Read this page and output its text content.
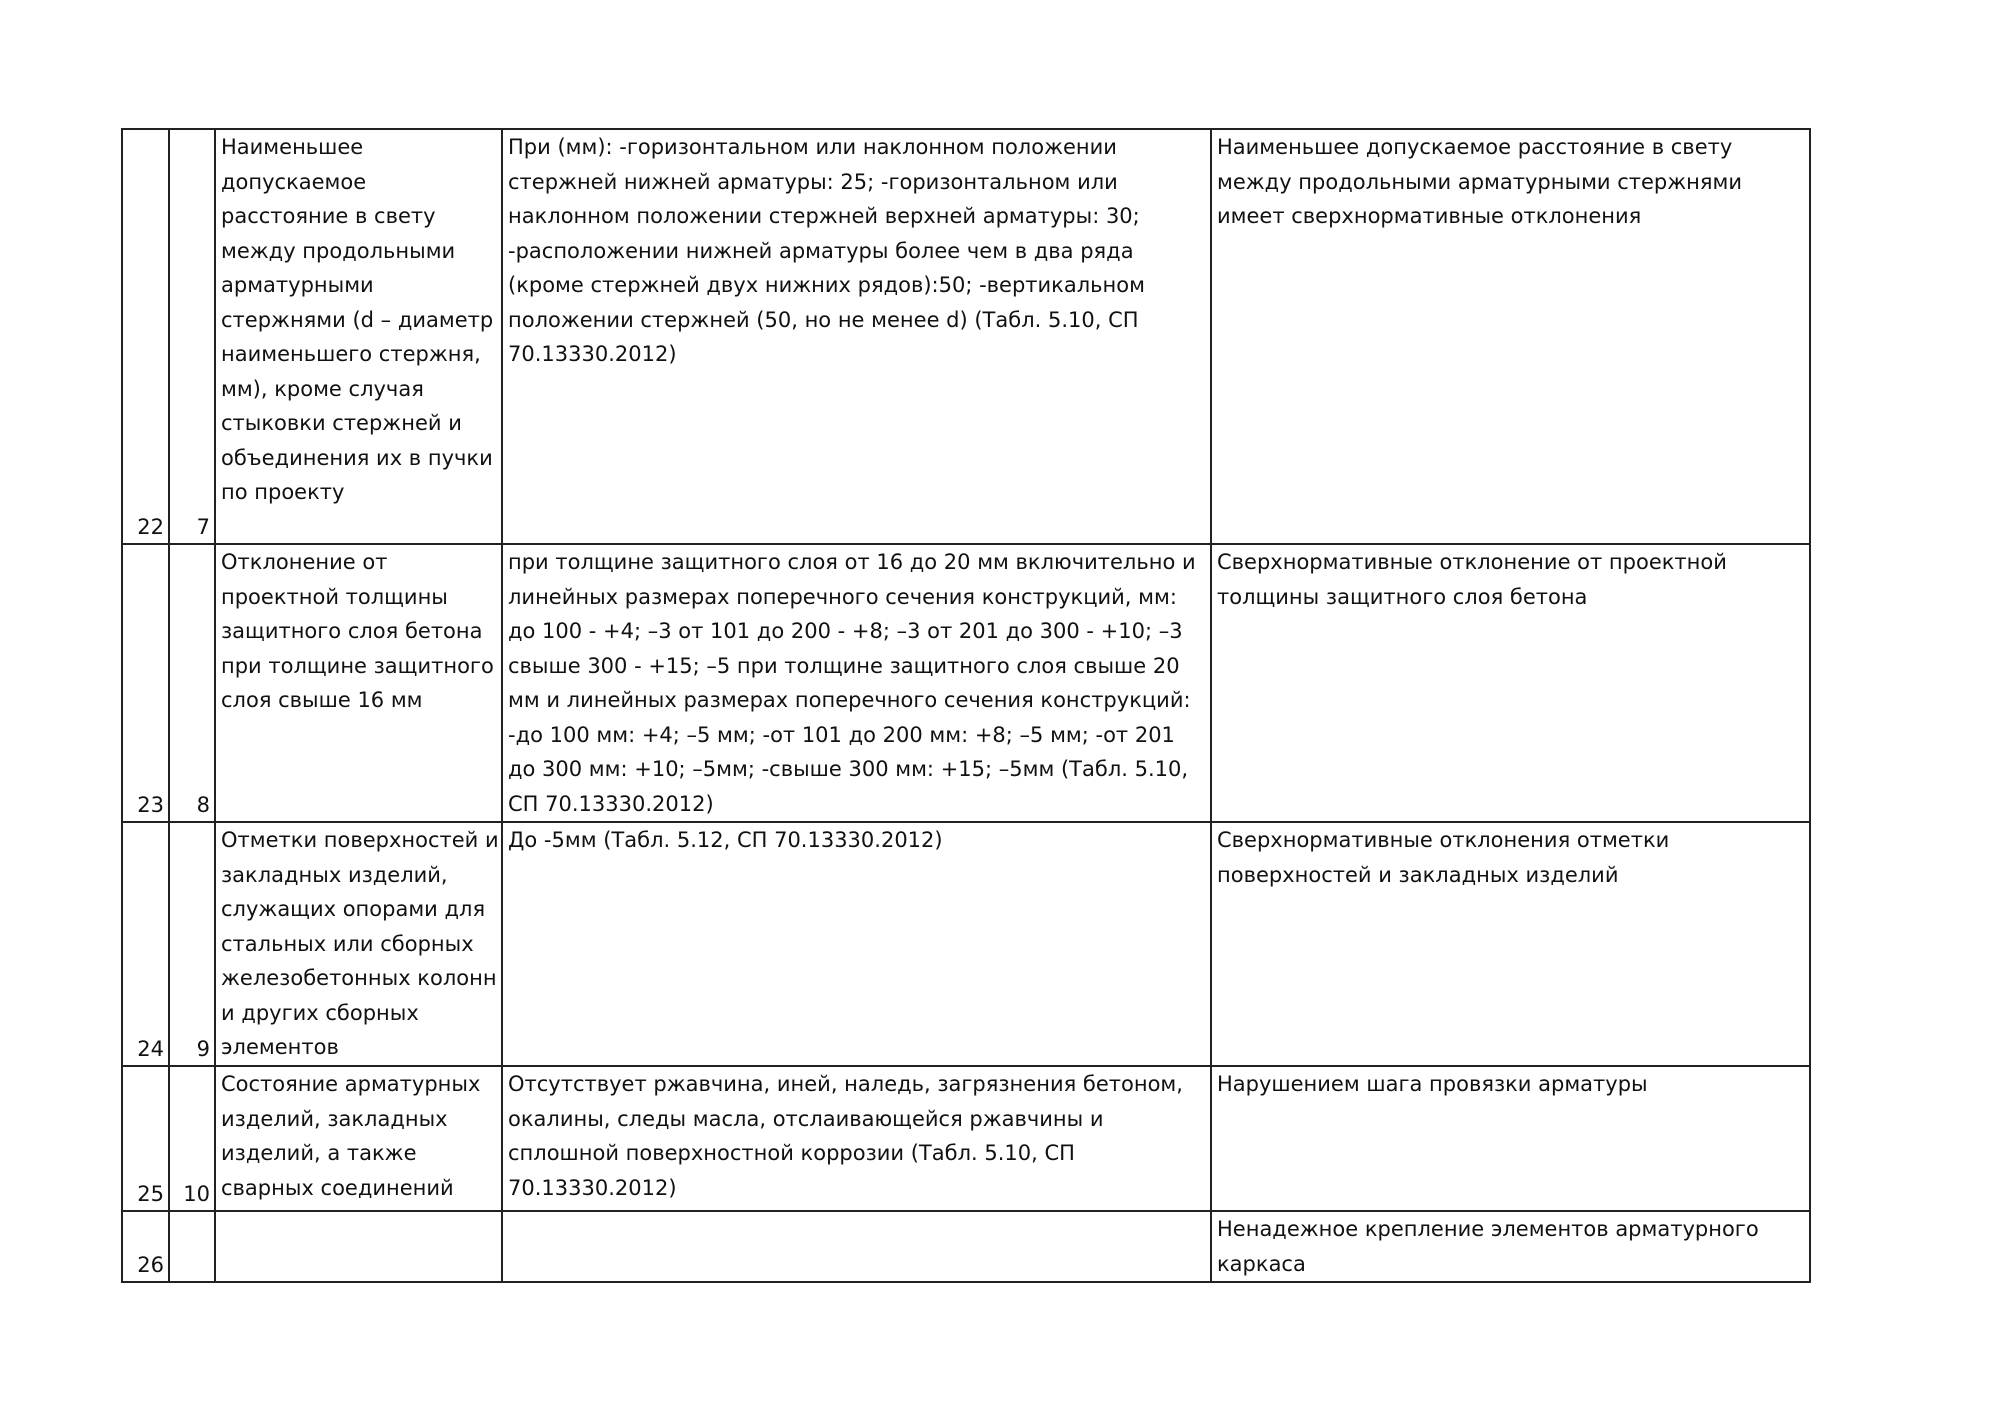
22	7	Наименьшее допускаемое расстояние в свету между продольными арматурными стержнями (d – диаметр наименьшего стержня, мм), кроме случая стыковки стержней и объединения их в пучки по проекту	При (мм): -горизонтальном или наклонном положении стержней нижней арматуры: 25; -горизонтальном или наклонном положении стержней верхней арматуры: 30; -расположении нижней арматуры более чем в два ряда (кроме стержней двух нижних рядов):50; -вертикальном положении стержней (50, но не менее d) (Табл. 5.10, СП 70.13330.2012)	Наименьшее допускаемое расстояние в свету между продольными арматурными стержнями имеет сверхнормативные отклонения
23	8	Отклонение от проектной толщины защитного слоя бетона при толщине защитного слоя свыше 16 мм	при толщине защитного слоя от 16 до 20 мм включительно и линейных размерах поперечного сечения конструкций, мм: до 100 - +4; –3 от 101 до 200 - +8; –3 от 201 до 300 - +10; –3 свыше 300 - +15; –5 при толщине защитного слоя свыше 20 мм и линейных размерах поперечного сечения конструкций: -до 100 мм: +4; –5 мм; -от 101 до 200 мм: +8; –5 мм; -от 201 до 300 мм: +10; –5мм; -свыше 300 мм: +15; –5мм (Табл. 5.10, СП 70.13330.2012)	Сверхнормативные отклонение от проектной толщины защитного слоя бетона
24	9	Отметки поверхностей и закладных изделий, служащих опорами для стальных или сборных железобетонных колонн и других сборных элементов	До -5мм (Табл. 5.12, СП 70.13330.2012)	Сверхнормативные отклонения отметки поверхностей и закладных изделий
25	10	Состояние арматурных изделий, закладных изделий, а также сварных соединений	Отсутствует ржавчина, иней, наледь, загрязнения бетоном, окалины, следы масла, отслаивающейся ржавчины и сплошной поверхностной коррозии (Табл. 5.10, СП 70.13330.2012)	Нарушением шага провязки арматуры
26				Ненадежное крепление элементов арматурного каркаса
